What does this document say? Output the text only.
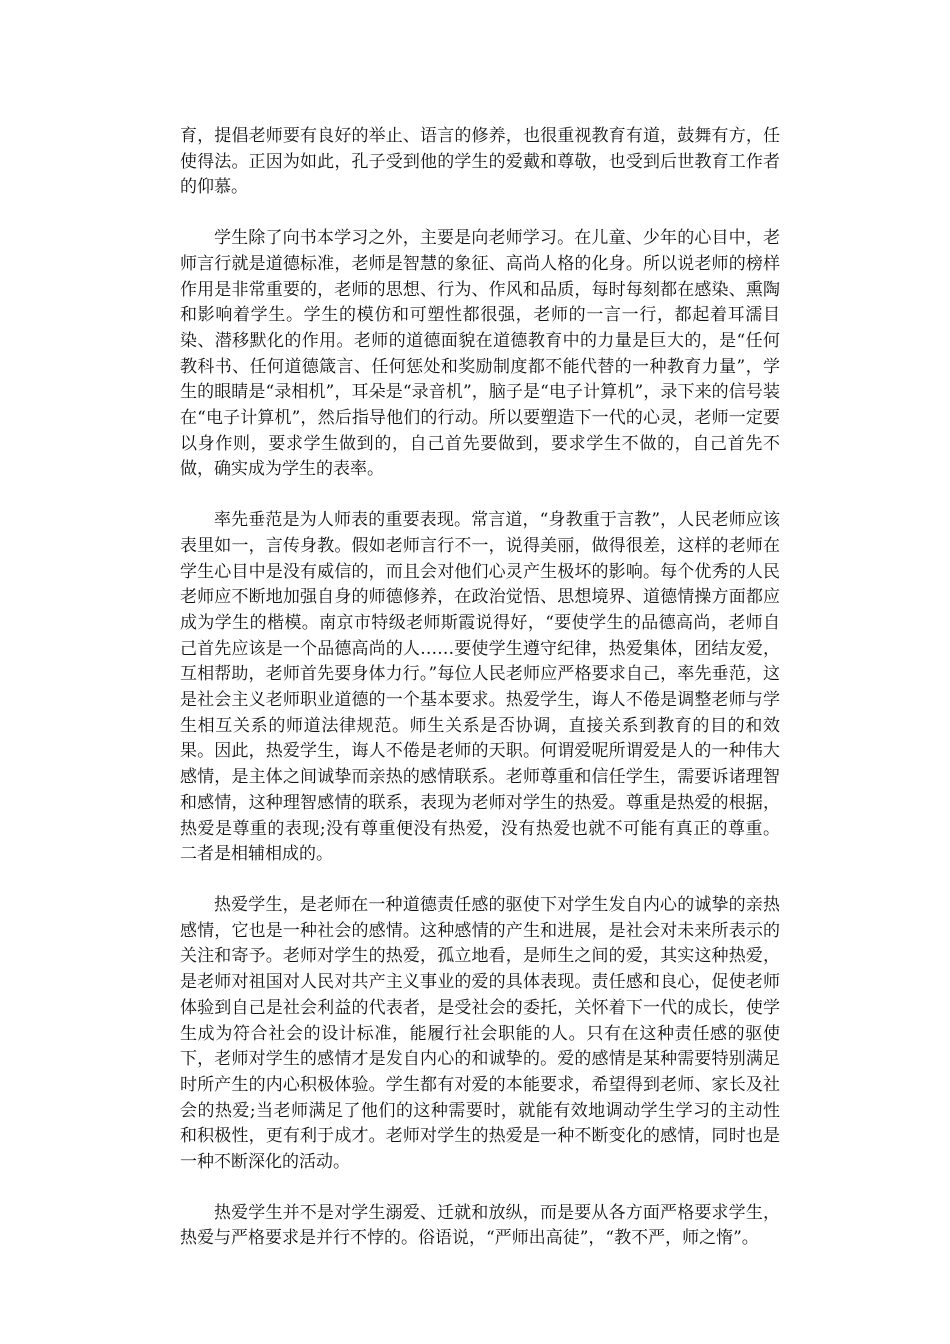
育，提倡老师要有良好的举止、语言的修养，也很重视教育有道，鼓舞有方，任使得法。正因为如此，孔子受到他的学生的爱戴和尊敬，也受到后世教育工作者的仰慕。

学生除了向书本学习之外，主要是向老师学习。在儿童、少年的心目中，老师言行就是道德标准，老师是智慧的象征、高尚人格的化身。所以说老师的榜样作用是非常重要的，老师的思想、行为、作风和品质，每时每刻都在感染、熏陶和影响着学生。学生的模仿和可塑性都很强，老师的一言一行，都起着耳濡目染、潜移默化的作用。老师的道德面貌在道德教育中的力量是巨大的，是“任何教科书、任何道德箴言、任何惩处和奖励制度都不能代替的一种教育力量”，学生的眼睛是“录相机”，耳朵是“录音机”，脑子是“电子计算机”，录下来的信号装在“电子计算机”，然后指导他们的行动。所以要塑造下一代的心灵，老师一定要以身作则，要求学生做到的，自己首先要做到，要求学生不做的，自己首先不做，确实成为学生的表率。

率先垂范是为人师表的重要表现。常言道，“身教重于言教”，人民老师应该表里如一，言传身教。假如老师言行不一，说得美丽，做得很差，这样的老师在学生心目中是没有威信的，而且会对他们心灵产生极坏的影响。每个优秀的人民老师应不断地加强自身的师德修养，在政治觉悟、思想境界、道德情操方面都应成为学生的楷模。南京市特级老师斯霞说得好，“要使学生的品德高尚，老师自己首先应该是一个品德高尚的人……要使学生遵守纪律，热爱集体，团结友爱，互相帮助，老师首先要身体力行。”每位人民老师应严格要求自己，率先垂范，这是社会主义老师职业道德的一个基本要求。热爱学生，诲人不倦是调整老师与学生相互关系的师道法律规范。师生关系是否协调，直接关系到教育的目的和效果。因此，热爱学生，诲人不倦是老师的天职。何谓爱呢所谓爱是人的一种伟大感情，是主体之间诚挚而亲热的感情联系。老师尊重和信任学生，需要诉诸理智和感情，这种理智感情的联系，表现为老师对学生的热爱。尊重是热爱的根据，热爱是尊重的表现;没有尊重便没有热爱，没有热爱也就不可能有真正的尊重。二者是相辅相成的。

热爱学生，是老师在一种道德责任感的驱使下对学生发自内心的诚挚的亲热感情，它也是一种社会的感情。这种感情的产生和进展，是社会对未来所表示的关注和寄予。老师对学生的热爱，孤立地看，是师生之间的爱，其实这种热爱，是老师对祖国对人民对共产主义事业的爱的具体表现。责任感和良心，促使老师体验到自己是社会利益的代表者，是受社会的委托，关怀着下一代的成长，使学生成为符合社会的设计标准，能履行社会职能的人。只有在这种责任感的驱使下，老师对学生的感情才是发自内心的和诚挚的。爱的感情是某种需要特别满足时所产生的内心积极体验。学生都有对爱的本能要求，希望得到老师、家长及社会的热爱;当老师满足了他们的这种需要时，就能有效地调动学生学习的主动性和积极性，更有利于成才。老师对学生的热爱是一种不断变化的感情，同时也是一种不断深化的活动。

热爱学生并不是对学生溺爱、迁就和放纵，而是要从各方面严格要求学生，热爱与严格要求是并行不悖的。俗语说，“严师出高徒”，“教不严，师之惰”。
